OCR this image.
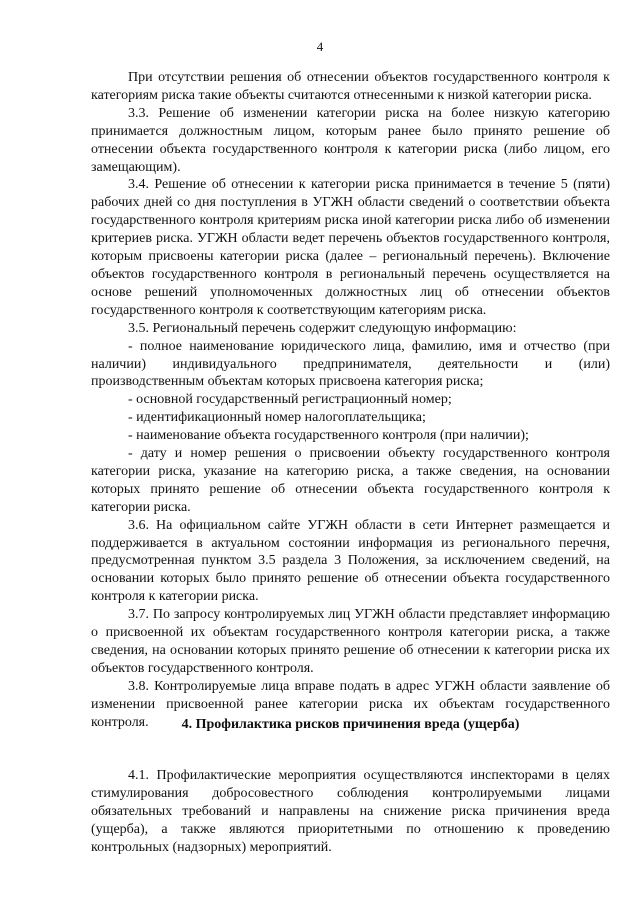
4

При отсутствии решения об отнесении объектов государственного контроля к категориям риска такие объекты считаются отнесенными к низкой категории риска.

3.3. Решение об изменении категории риска на более низкую категорию принимается должностным лицом, которым ранее было принято решение об отнесении объекта государственного контроля к категории риска (либо лицом, его замещающим).

3.4. Решение об отнесении к категории риска принимается в течение 5 (пяти) рабочих дней со дня поступления в УГЖН области сведений о соответствии объекта государственного контроля критериям риска иной категории риска либо об изменении критериев риска. УГЖН области ведет перечень объектов государственного контроля, которым присвоены категории риска (далее – региональный перечень). Включение объектов государственного контроля в региональный перечень осуществляется на основе решений уполномоченных должностных лиц об отнесении объектов государственного контроля к соответствующим категориям риска.

3.5. Региональный перечень содержит следующую информацию:

- полное наименование юридического лица, фамилию, имя и отчество (при наличии) индивидуального предпринимателя, деятельности и (или) производственным объектам которых присвоена категория риска;

- основной государственный регистрационный номер;

- идентификационный номер налогоплательщика;

- наименование объекта государственного контроля (при наличии);

- дату и номер решения о присвоении объекту государственного контроля категории риска, указание на категорию риска, а также сведения, на основании которых принято решение об отнесении объекта государственного контроля к категории риска.

3.6. На официальном сайте УГЖН области в сети Интернет размещается и поддерживается в актуальном состоянии информация из регионального перечня, предусмотренная пунктом 3.5 раздела 3 Положения, за исключением сведений, на основании которых было принято решение об отнесении объекта государственного контроля к категории риска.

3.7. По запросу контролируемых лиц УГЖН области представляет информацию о присвоенной их объектам государственного контроля категории риска, а также сведения, на основании которых принято решение об отнесении к категории риска их объектов государственного контроля.

3.8. Контролируемые лица вправе подать в адрес УГЖН области заявление об изменении присвоенной ранее категории риска их объектам государственного контроля.	4. Профилактика рисков причинения вреда (ущерба)

4.1. Профилактические мероприятия осуществляются инспекторами в целях стимулирования добросовестного соблюдения контролируемыми лицами обязательных требований и направлены на снижение риска причинения вреда (ущерба), а также являются приоритетными по отношению к проведению контрольных (надзорных) мероприятий.
